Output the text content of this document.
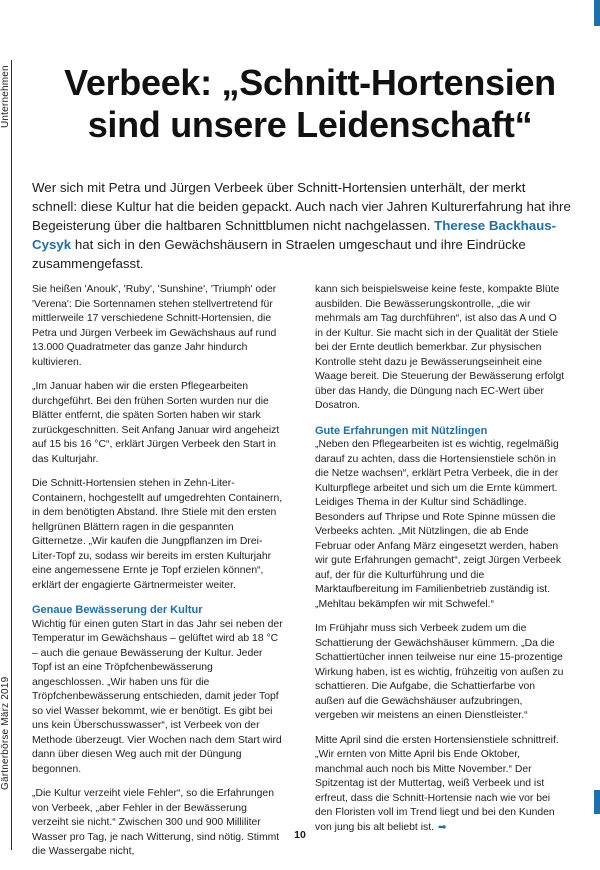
Unternehmen
Gärtnerbörse März 2019
Verbeek: „Schnitt-Hortensien
sind unsere Leidenschaft“

Wer sich mit Petra und Jürgen Verbeek über Schnitt-Hortensien unterhält, der merkt schnell: diese Kultur hat die beiden gepackt. Auch nach vier Jahren Kulturerfahrung hat ihre Begeisterung über die haltbaren Schnittblumen nicht nachgelassen. Therese Backhaus-Cysyk hat sich in den Gewächshäusern in Straelen umgeschaut und ihre Eindrücke zusammengefasst.

Sie heißen 'Anouk', 'Ruby', 'Sunshine', 'Triumph' oder 'Verena': Die Sortennamen stehen stellvertretend für mittlerweile 17 verschiedene Schnitt-Hortensien, die Petra und Jürgen Verbeek im Gewächshaus auf rund 13.000 Quadratmeter das ganze Jahr hindurch kultivieren.

„Im Januar haben wir die ersten Pflegearbeiten durchgeführt. Bei den frühen Sorten wurden nur die Blätter entfernt, die späten Sorten haben wir stark zurückgeschnitten. Seit Anfang Januar wird angeheizt auf 15 bis 16 °C“, erklärt Jürgen Verbeek den Start in das Kulturjahr.

Die Schnitt-Hortensien stehen in Zehn-Liter-Containern, hochgestellt auf umgedrehten Containern, in dem benötigten Abstand. Ihre Stiele mit den ersten hellgrünen Blättern ragen in die gespannten Gitternetze. „Wir kaufen die Jungpflanzen im Drei-Liter-Topf zu, sodass wir bereits im ersten Kulturjahr eine angemessene Ernte je Topf erzielen können“, erklärt der engagierte Gärtnermeister weiter.

Genaue Bewässerung der Kultur

Wichtig für einen guten Start in das Jahr sei neben der Temperatur im Gewächshaus – gelüftet wird ab 18 °C – auch die genaue Bewässerung der Kultur. Jeder Topf ist an eine Tröpfchenbewässerung angeschlossen. „Wir haben uns für die Tröpfchenbewässerung entschieden, damit jeder Topf so viel Wasser bekommt, wie er benötigt. Es gibt bei uns kein Überschusswasser“, ist Verbeek von der Methode überzeugt. Vier Wochen nach dem Start wird dann über diesen Weg auch mit der Düngung begonnen.

„Die Kultur verzeiht viele Fehler“, so die Erfahrungen von Verbeek, „aber Fehler in der Bewässerung verzeiht sie nicht.“ Zwischen 300 und 900 Milliliter Wasser pro Tag, je nach Witterung, sind nötig. Stimmt die Wassergabe nicht,

kann sich beispielsweise keine feste, kompakte Blüte ausbilden. Die Bewässerungskontrolle, „die wir mehrmals am Tag durchführen“, ist also das A und O in der Kultur. Sie macht sich in der Qualität der Stiele bei der Ernte deutlich bemerkbar. Zur physischen Kontrolle steht dazu je Bewässerungseinheit eine Waage bereit. Die Steuerung der Bewässerung erfolgt über das Handy, die Düngung nach EC-Wert über Dosatron.

Gute Erfahrungen mit Nützlingen

„Neben den Pflegearbeiten ist es wichtig, regelmäßig darauf zu achten, dass die Hortensienstiele schön in die Netze wachsen“, erklärt Petra Verbeek, die in der Kulturpflege arbeitet und sich um die Ernte kümmert. Leidiges Thema in der Kultur sind Schädlinge. Besonders auf Thripse und Rote Spinne müssen die Verbeeks achten. „Mit Nützlingen, die ab Ende Februar oder Anfang März eingesetzt werden, haben wir gute Erfahrungen gemacht“, zeigt Jürgen Verbeek auf, der für die Kulturführung und die Marktaufbereitung im Familienbetrieb zuständig ist. „Mehltau bekämpfen wir mit Schwefel.“

Im Frühjahr muss sich Verbeek zudem um die Schattierung der Gewächshäuser kümmern. „Da die Schattiertücher innen teilweise nur eine 15-prozentige Wirkung haben, ist es wichtig, frühzeitig von außen zu schattieren. Die Aufgabe, die Schattierfarbe von außen auf die Gewächshäuser aufzubringen, vergeben wir meistens an einen Dienstleister.“

Mitte April sind die ersten Hortensienstiele schnittreif. „Wir ernten von Mitte April bis Ende Oktober, manchmal auch noch bis Mitte November.“ Der Spitzentag ist der Muttertag, weiß Verbeek und ist erfreut, dass die Schnitt-Hortensie nach wie vor bei den Floristen voll im Trend liegt und bei den Kunden von jung bis alt beliebt ist. ➡

10
